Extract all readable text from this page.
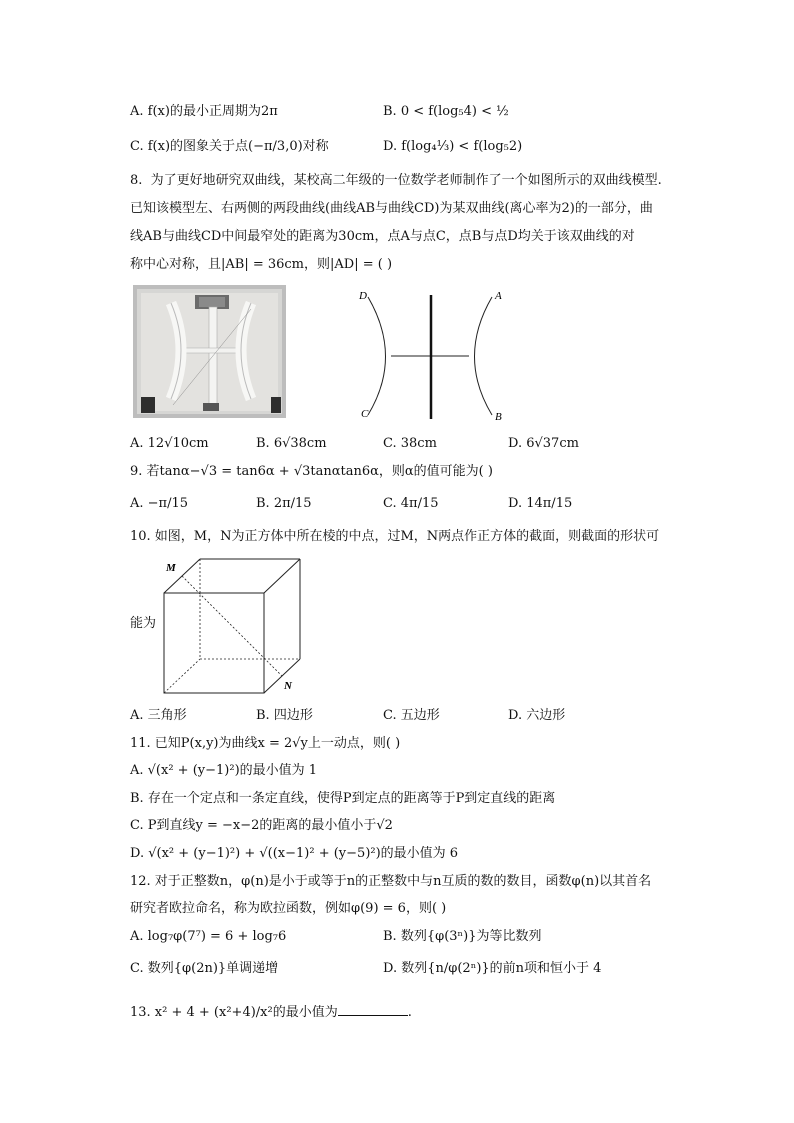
A. f(x)的最小正周期为2π	B. 0 < f(log₅4) < ½
C. f(x)的图象关于点(−π/3,0)对称	D. f(log₄⅓) < f(log₅2)
8. 为了更好地研究双曲线，某校高二年级的一位数学老师制作了一个如图所示的双曲线模型.
已知该模型左、右两侧的两段曲线(曲线AB与曲线CD)为某双曲线(离心率为2)的一部分，曲
线AB与曲线CD中间最窄处的距离为30cm，点A与点C，点B与点D均关于该双曲线的对
称中心对称，且|AB| = 36cm，则|AD| = ( )
D	A
C	B
A. 12√10cm	B. 6√38cm	C. 38cm	D. 6√37cm
9. 若tanα−√3 = tan6α + √3tanαtan6α，则α的值可能为( )
A. −π/15	B. 2π/15	C. 4π/15	D. 14π/15
10. 如图，M，N为正方体中所在棱的中点，过M，N两点作正方体的截面，则截面的形状可
M
N
能为
A. 三角形	B. 四边形	C. 五边形	D. 六边形
11. 已知P(x,y)为曲线x = 2√y上一动点，则( )
A. √(x² + (y−1)²)的最小值为 1
B. 存在一个定点和一条定直线，使得P到定点的距离等于P到定直线的距离
C. P到直线y = −x−2的距离的最小值小于√2
D. √(x² + (y−1)²) + √((x−1)² + (y−5)²)的最小值为 6
12. 对于正整数n，φ(n)是小于或等于n的正整数中与n互质的数的数目，函数φ(n)以其首名
研究者欧拉命名，称为欧拉函数，例如φ(9) = 6，则( )
A. log₇φ(7⁷) = 6 + log₇6	B. 数列{φ(3ⁿ)}为等比数列
C. 数列{φ(2n)}单调递增	D. 数列{n/φ(2ⁿ)}的前n项和恒小于 4
13. x² + 4 + (x²+4)/x²的最小值为	.
